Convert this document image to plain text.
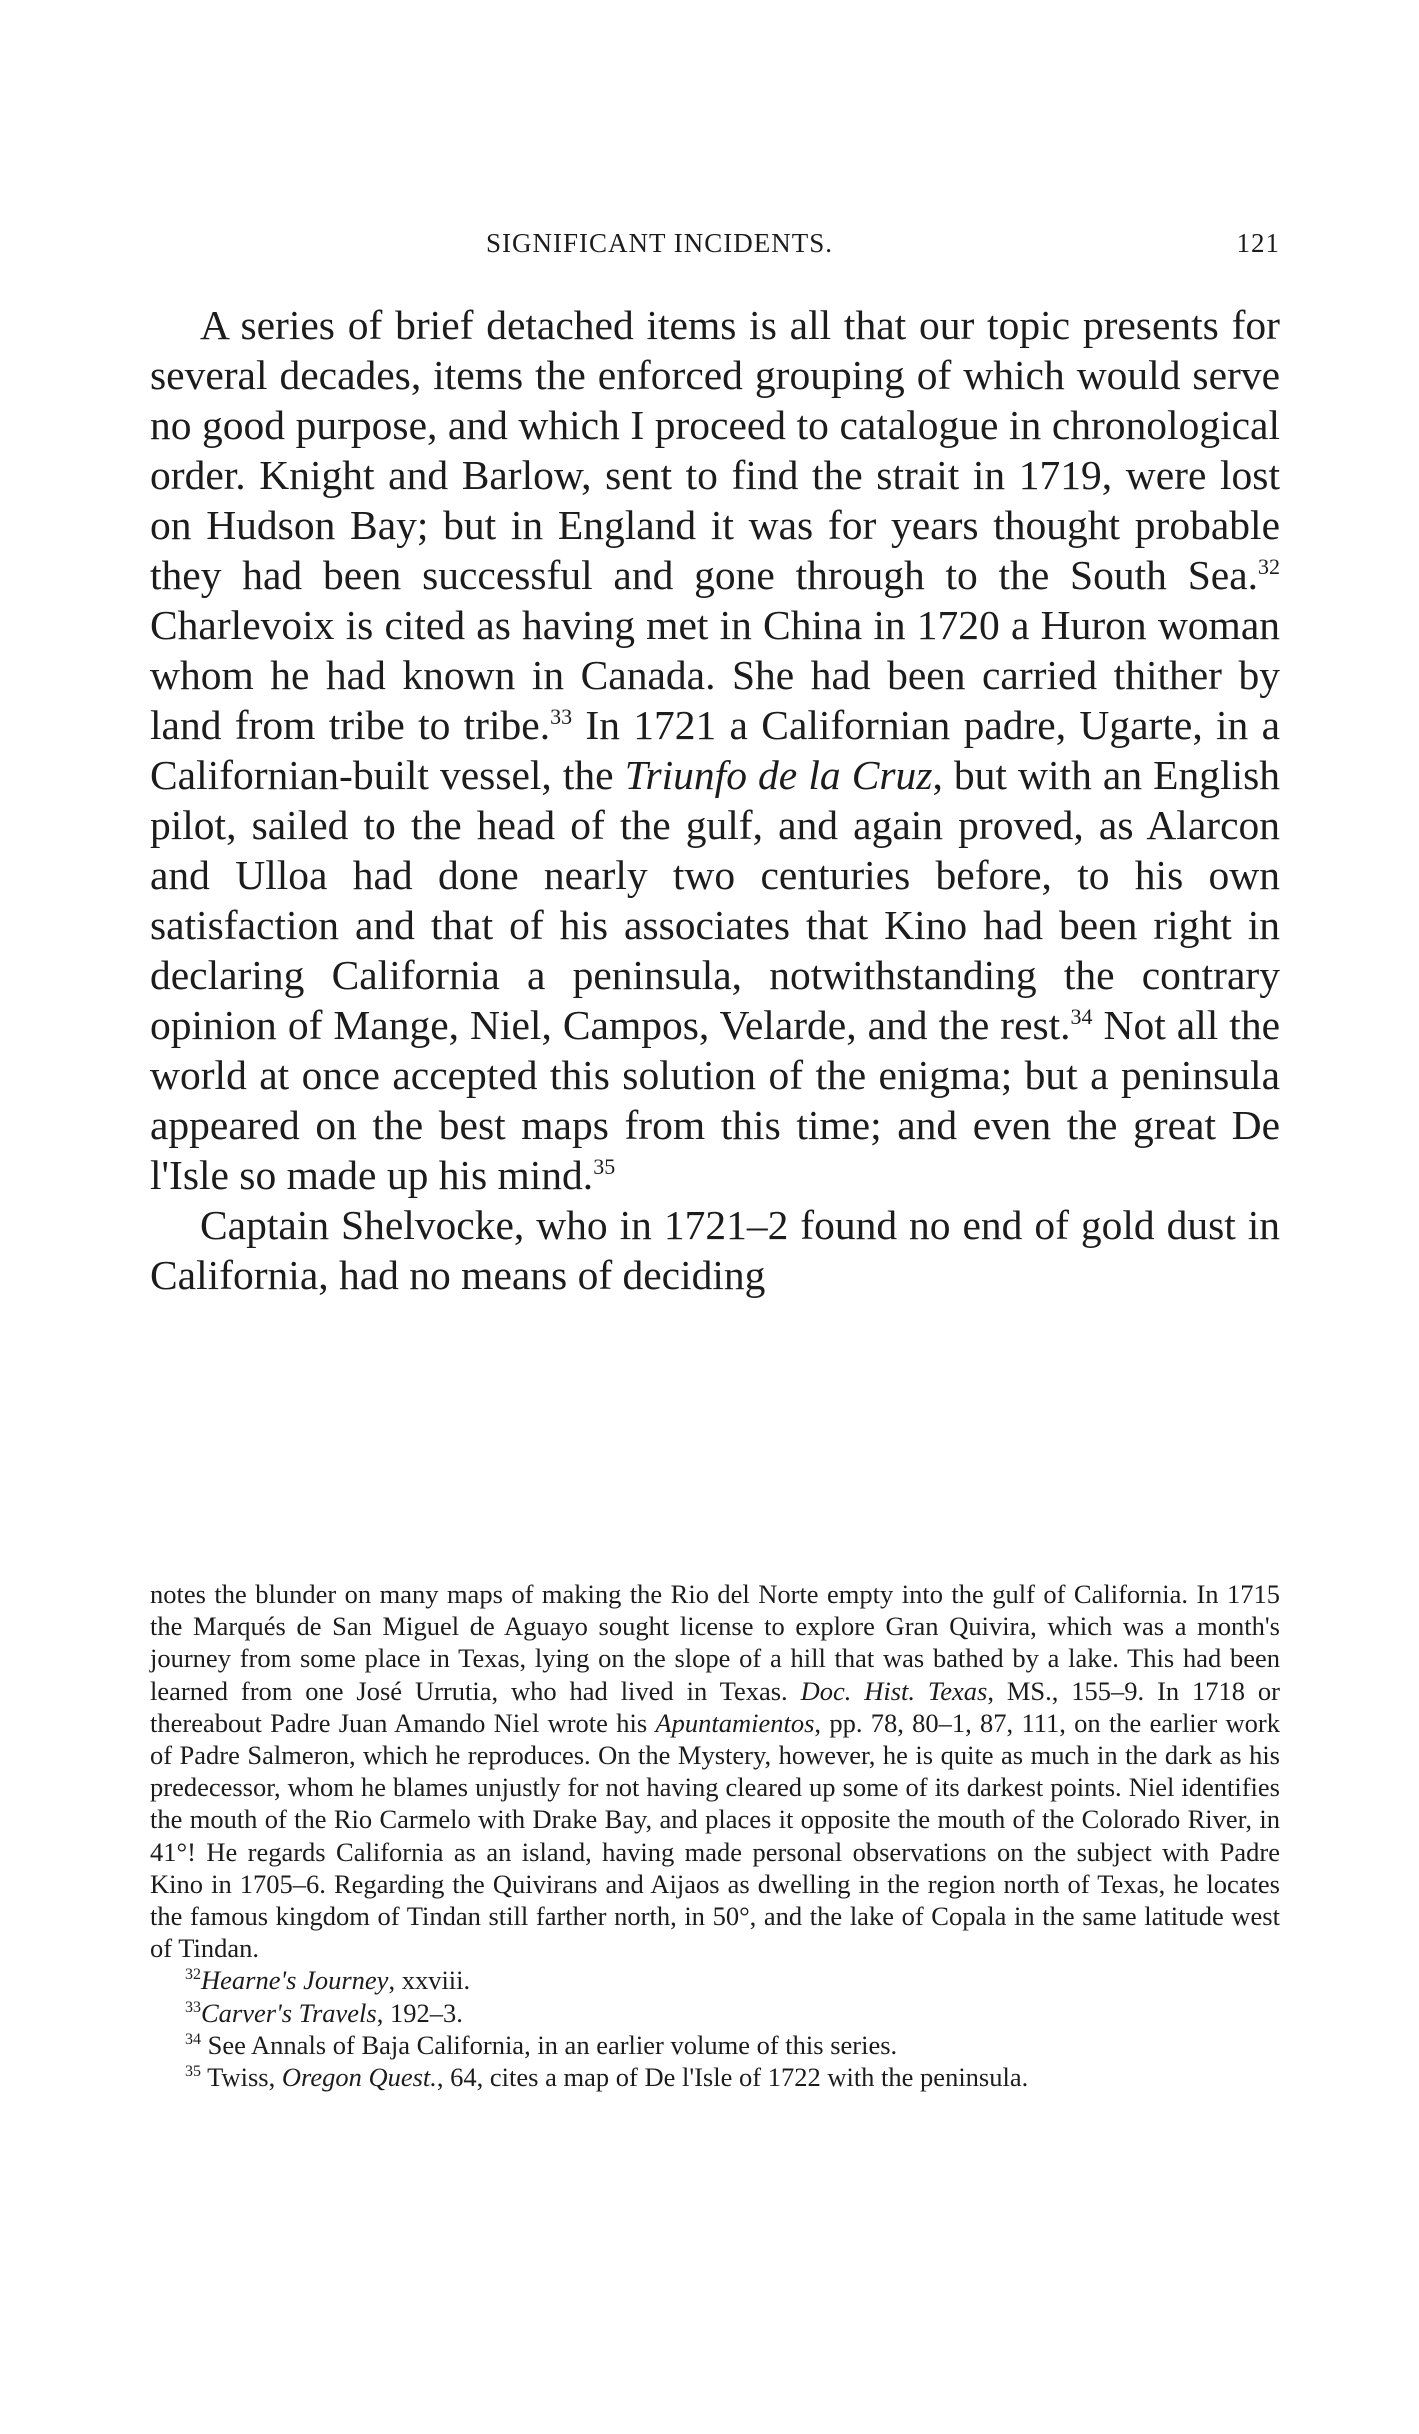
SIGNIFICANT INCIDENTS.	121

A series of brief detached items is all that our topic presents for several decades, items the enforced grouping of which would serve no good purpose, and which I proceed to catalogue in chronological order. Knight and Barlow, sent to find the strait in 1719, were lost on Hudson Bay; but in England it was for years thought probable they had been successful and gone through to the South Sea.$^{32}$ Charlevoix is cited as having met in China in 1720 a Huron woman whom he had known in Canada. She had been carried thither by land from tribe to tribe.$^{33}$ In 1721 a Californian padre, Ugarte, in a Californian-built vessel, the Triunfo de la Cruz, but with an English pilot, sailed to the head of the gulf, and again proved, as Alarcon and Ulloa had done nearly two centuries before, to his own satisfaction and that of his associates that Kino had been right in declaring California a peninsula, notwithstanding the contrary opinion of Mange, Niel, Campos, Velarde, and the rest.$^{34}$ Not all the world at once accepted this solution of the enigma; but a peninsula appeared on the best maps from this time; and even the great De l'Isle so made up his mind.$^{35}$

Captain Shelvocke, who in 1721–2 found no end of gold dust in California, had no means of deciding

notes the blunder on many maps of making the Rio del Norte empty into the gulf of California. In 1715 the Marqués de San Miguel de Aguayo sought license to explore Gran Quivira, which was a month's journey from some place in Texas, lying on the slope of a hill that was bathed by a lake. This had been learned from one José Urrutia, who had lived in Texas. Doc. Hist. Texas, MS., 155–9. In 1718 or thereabout Padre Juan Amando Niel wrote his Apuntamientos, pp. 78, 80–1, 87, 111, on the earlier work of Padre Salmeron, which he reproduces. On the Mystery, however, he is quite as much in the dark as his predecessor, whom he blames unjustly for not having cleared up some of its darkest points. Niel identifies the mouth of the Rio Carmelo with Drake Bay, and places it opposite the mouth of the Colorado River, in 41°! He regards California as an island, having made personal observations on the subject with Padre Kino in 1705–6. Regarding the Quivirans and Aijaos as dwelling in the region north of Texas, he locates the famous kingdom of Tindan still farther north, in 50°, and the lake of Copala in the same latitude west of Tindan.

$^{32}$Hearne's Journey, xxviii.

$^{33}$Carver's Travels, 192–3.

$^{34}$ See Annals of Baja California, in an earlier volume of this series.

$^{35}$ Twiss, Oregon Quest., 64, cites a map of De l'Isle of 1722 with the peninsula.
